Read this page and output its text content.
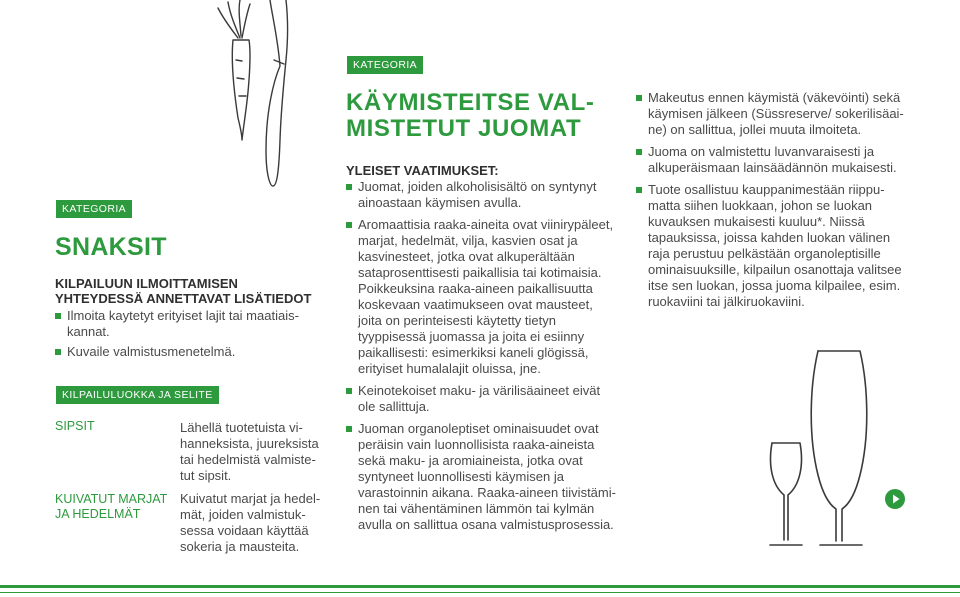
KATEGORIA
SNAKSIT
KILPAILUUN ILMOITTAMISEN
YHTEYDESSÄ ANNETTAVAT LISÄTIEDOT
Ilmoita kaytetyt erityiset lajit tai maatiais-
kannat.
Kuvaile valmistusmenetelmä.
KILPAILULUOKKA JA SELITE
SIPSIT	Lähellä tuotetuista vi-
hanneksista, juureksista
tai hedelmistä valmiste-
tut sipsit.
KUIVATUT MARJAT
JA HEDELMÄT
Kuivatut marjat ja hedel-
mät, joiden valmistuk-
sessa voidaan käyttää
sokeria ja mausteita.
KATEGORIA
KÄYMISTEITSE VAL-
MISTETUT JUOMAT
YLEISET VAATIMUKSET:
Juomat, joiden alkoholisisältö on syntynyt
ainoastaan käymisen avulla.
Aromaattisia raaka-aineita ovat viinirypäleet,
marjat, hedelmät, vilja, kasvien osat ja
kasvinesteet, jotka ovat alkuperältään
sataprosenttisesti paikallisia tai kotimaisia.
Poikkeuksina raaka-aineen paikallisuutta
koskevaan vaatimukseen ovat mausteet,
joita on perinteisesti käytetty tietyn
tyyppisessä juomassa ja joita ei esiinny
paikallisesti: esimerkiksi kaneli glögissä,
erityiset humalalajit oluissa, jne.
Keinotekoiset maku- ja värilisäaineet eivät
ole sallittuja.
Juoman organoleptiset ominaisuudet ovat
peräisin vain luonnollisista raaka-aineista
sekä maku- ja aromiaineista, jotka ovat
syntyneet luonnollisesti käymisen ja
varastoinnin aikana. Raaka-aineen tiivistämi-
nen tai vähentäminen lämmön tai kylmän
avulla on sallittua osana valmistusprosessia.
Makeutus ennen käymistä (väkevöinti) sekä
käymisen jälkeen (Süssreserve/ sokerilisäai-
ne) on sallittua, jollei muuta ilmoiteta.
Juoma on valmistettu luvanvaraisesti ja
alkuperäismaan lainsäädännön mukaisesti.
Tuote osallistuu kauppanimestään riippu-
matta siihen luokkaan, johon se luokan
kuvauksen mukaisesti kuuluu*. Niissä
tapauksissa, joissa kahden luokan välinen
raja perustuu pelkästään organoleptisille
ominaisuuksille, kilpailun osanottaja valitsee
itse sen luokan, jossa juoma kilpailee, esim.
ruokaviini tai jälkiruokaviini.
